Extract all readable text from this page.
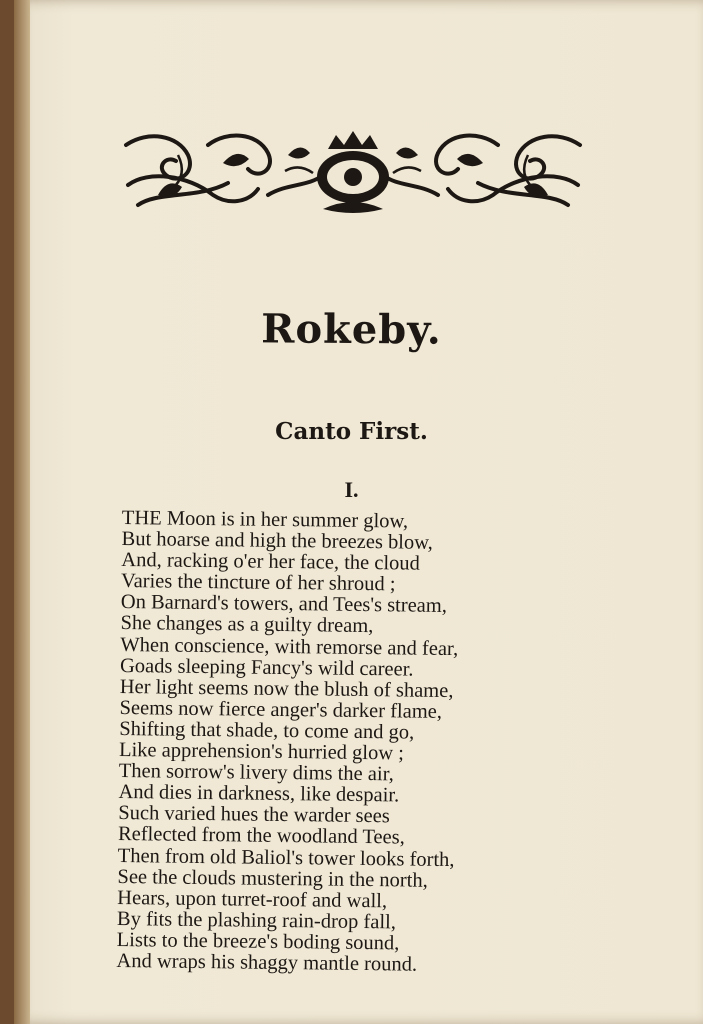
Rokeby.
Canto First.
I.
THE Moon is in her summer glow,
But hoarse and high the breezes blow,
And, racking o'er her face, the cloud
Varies the tincture of her shroud ;
On Barnard's towers, and Tees's stream,
She changes as a guilty dream,
When conscience, with remorse and fear,
Goads sleeping Fancy's wild career.
Her light seems now the blush of shame,
Seems now fierce anger's darker flame,
Shifting that shade, to come and go,
Like apprehension's hurried glow ;
Then sorrow's livery dims the air,
And dies in darkness, like despair.
Such varied hues the warder sees
Reflected from the woodland Tees,
Then from old Baliol's tower looks forth,
See the clouds mustering in the north,
Hears, upon turret-roof and wall,
By fits the plashing rain-drop fall,
Lists to the breeze's boding sound,
And wraps his shaggy mantle round.
